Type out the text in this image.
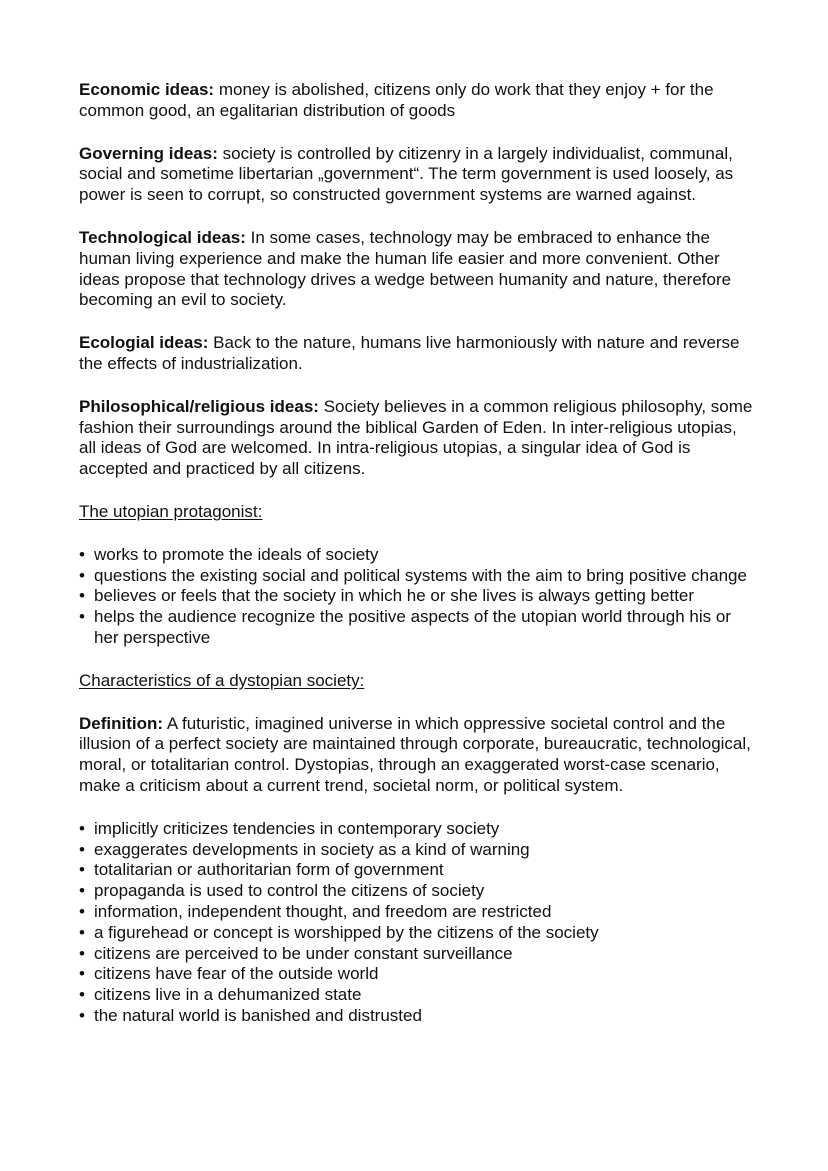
Economic ideas: money is abolished, citizens only do work that they enjoy + for the common good, an egalitarian distribution of goods

Governing ideas: society is controlled by citizenry in a largely individualist, communal, social and sometime libertarian „government“. The term government is used loosely, as power is seen to corrupt, so constructed government systems are warned against.

Technological ideas: In some cases, technology may be embraced to enhance the human living experience and make the human life easier and more convenient. Other ideas propose that technology drives a wedge between humanity and nature, therefore becoming an evil to society.

Ecologial ideas: Back to the nature, humans live harmoniously with nature and reverse the effects of industrialization.

Philosophical/religious ideas: Society believes in a common religious philosophy, some fashion their surroundings around the biblical Garden of Eden. In inter-religious utopias, all ideas of God are welcomed. In intra-religious utopias, a singular idea of God is accepted and practiced by all citizens.

The utopian protagonist:

• works to promote the ideals of society
• questions the existing social and political systems with the aim to bring positive change
• believes or feels that the society in which he or she lives is always getting better
• helps the audience recognize the positive aspects of the utopian world through his or her perspective

Characteristics of a dystopian society:

Definition: A futuristic, imagined universe in which oppressive societal control and the illusion of a perfect society are maintained through corporate, bureaucratic, technological, moral, or totalitarian control. Dystopias, through an exaggerated worst-case scenario, make a criticism about a current trend, societal norm, or political system.

• implicitly criticizes tendencies in contemporary society
• exaggerates developments in society as a kind of warning
• totalitarian or authoritarian form of government
• propaganda is used to control the citizens of society
• information, independent thought, and freedom are restricted
• a figurehead or concept is worshipped by the citizens of the society
• citizens are perceived to be under constant surveillance
• citizens have fear of the outside world
• citizens live in a dehumanized state
• the natural world is banished and distrusted
